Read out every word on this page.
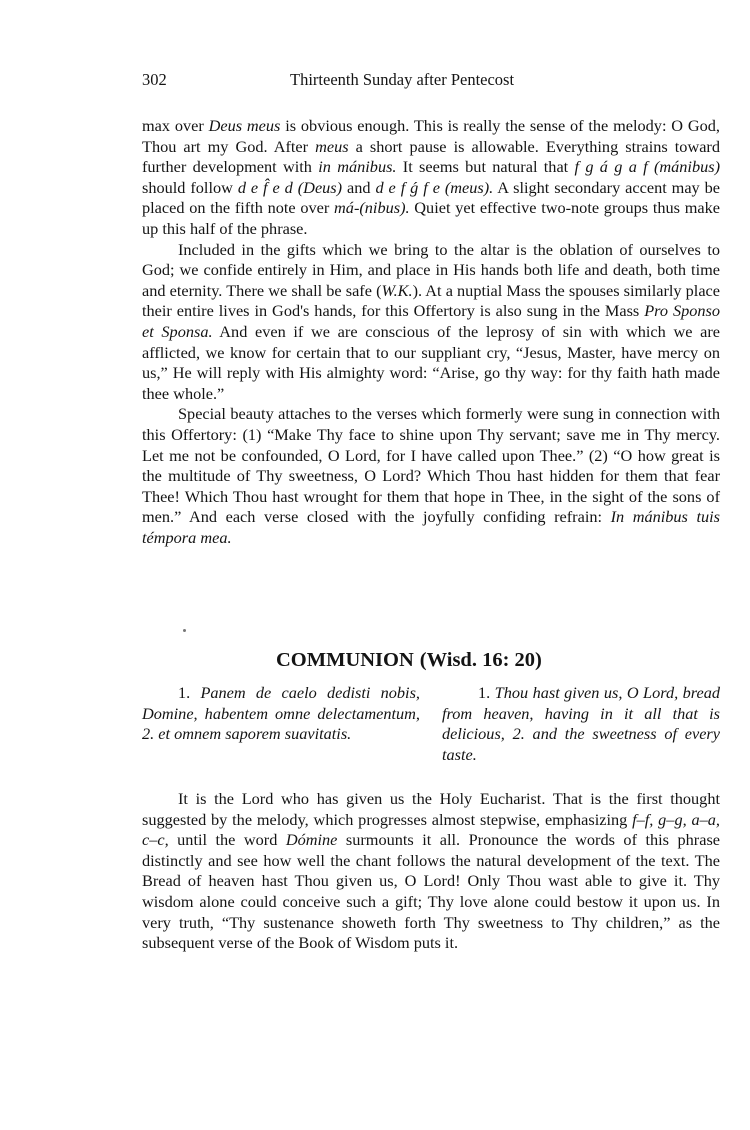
302	Thirteenth Sunday after Pentecost

max over Deus meus is obvious enough. This is really the sense of the melody: O God, Thou art my God. After meus a short pause is allowable. Everything strains toward further development with in mánibus. It seems but natural that f g á g a f (mánibus) should follow d e f̂ e d (Deus) and d e f ǵ f e (meus). A slight secondary accent may be placed on the fifth note over má-(nibus). Quiet yet effective two-note groups thus make up this half of the phrase.

Included in the gifts which we bring to the altar is the oblation of ourselves to God; we confide entirely in Him, and place in His hands both life and death, both time and eternity. There we shall be safe (W.K.). At a nuptial Mass the spouses similarly place their entire lives in God's hands, for this Offertory is also sung in the Mass Pro Sponso et Sponsa. And even if we are conscious of the leprosy of sin with which we are afflicted, we know for certain that to our suppliant cry, “Jesus, Master, have mercy on us,” He will reply with His almighty word: “Arise, go thy way: for thy faith hath made thee whole.”

Special beauty attaches to the verses which formerly were sung in connection with this Offertory: (1) “Make Thy face to shine upon Thy servant; save me in Thy mercy. Let me not be confounded, O Lord, for I have called upon Thee.” (2) “O how great is the multitude of Thy sweetness, O Lord? Which Thou hast hidden for them that fear Thee! Which Thou hast wrought for them that hope in Thee, in the sight of the sons of men.” And each verse closed with the joyfully confiding refrain: In mánibus tuis témpora mea.

COMMUNION (Wisd. 16: 20)

1. Panem de caelo dedisti nobis, Domine, habentem omne delectamentum, 2. et omnem saporem suavitatis.

1. Thou hast given us, O Lord, bread from heaven, having in it all that is delicious, 2. and the sweetness of every taste.

It is the Lord who has given us the Holy Eucharist. That is the first thought suggested by the melody, which progresses almost stepwise, emphasizing f–f, g–g, a–a, c–c, until the word Dómine surmounts it all. Pronounce the words of this phrase distinctly and see how well the chant follows the natural development of the text. The Bread of heaven hast Thou given us, O Lord! Only Thou wast able to give it. Thy wisdom alone could conceive such a gift; Thy love alone could bestow it upon us. In very truth, “Thy sustenance showeth forth Thy sweetness to Thy children,” as the subsequent verse of the Book of Wisdom puts it.
